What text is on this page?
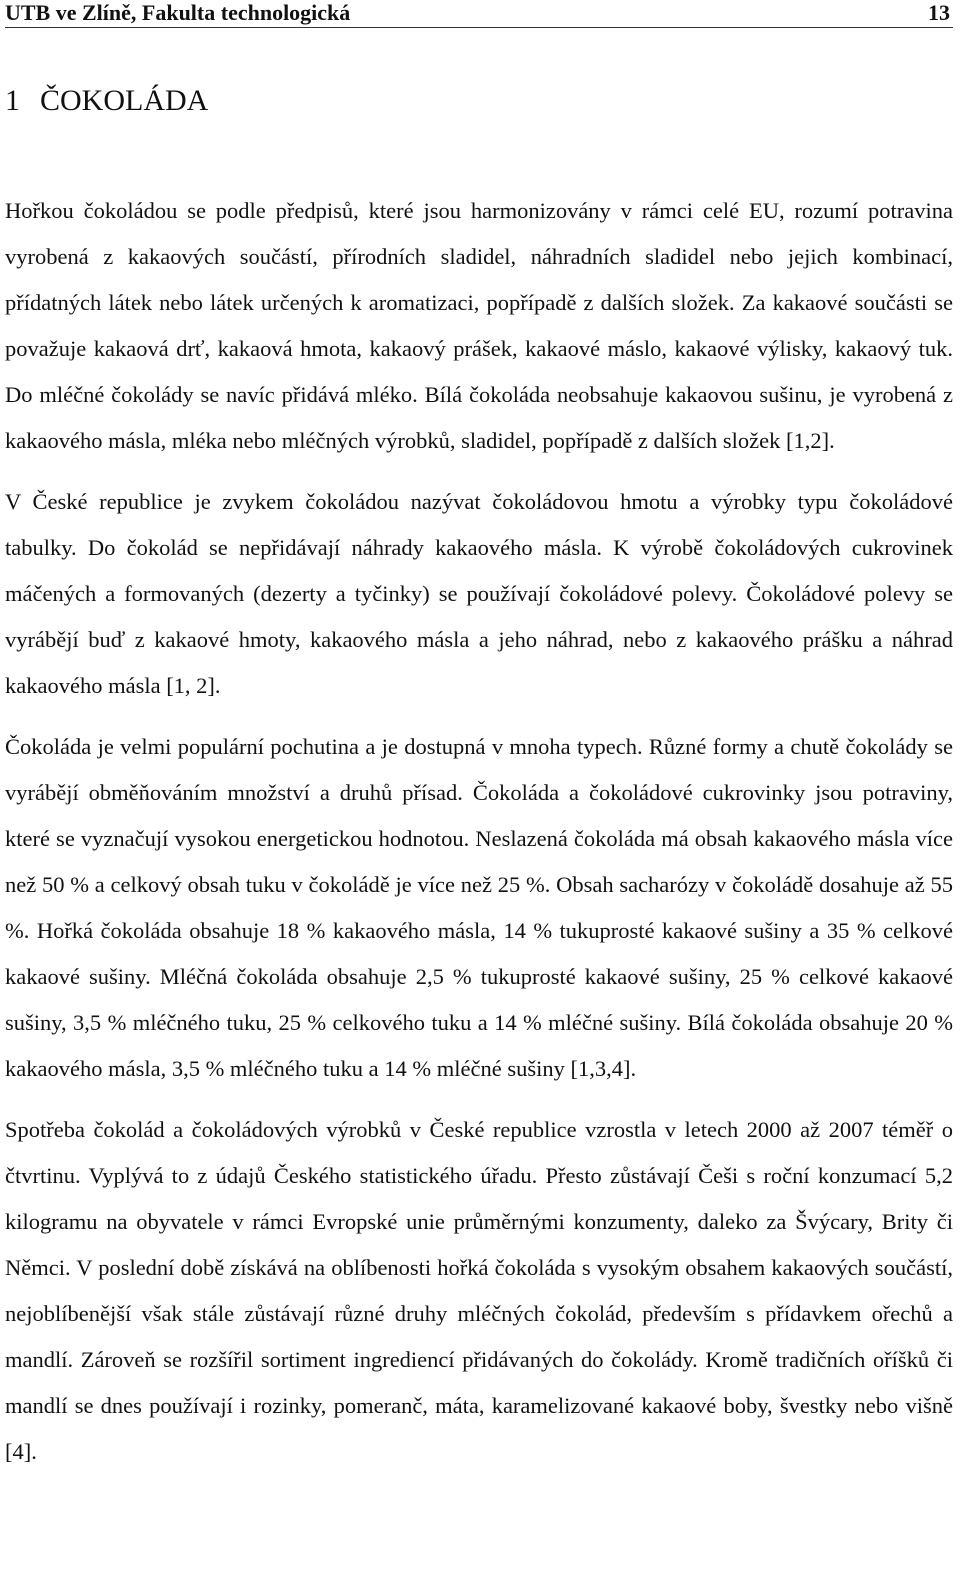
UTB ve Zlíně, Fakulta technologická	13
1 ČOKOLÁDA

Hořkou čokoládou se podle předpisů, které jsou harmonizovány v rámci celé EU, rozumí potravina vyrobená z kakaových součástí, přírodních sladidel, náhradních sladidel nebo jejich kombinací, přídatných látek nebo látek určených k aromatizaci, popřípadě z dalších složek. Za kakaové součásti se považuje kakaová drť, kakaová hmota, kakaový prášek, kakaové máslo, kakaové výlisky, kakaový tuk. Do mléčné čokolády se navíc přidává mléko. Bílá čokoláda neobsahuje kakaovou sušinu, je vyrobená z kakaového másla, mléka nebo mléčných výrobků, sladidel, popřípadě z dalších složek [1,2].

V České republice je zvykem čokoládou nazývat čokoládovou hmotu a výrobky typu čokoládové tabulky. Do čokolád se nepřidávají náhrady kakaového másla. K výrobě čokoládových cukrovinek máčených a formovaných (dezerty a tyčinky) se používají čokoládové polevy. Čokoládové polevy se vyrábějí buď z kakaové hmoty, kakaového másla a jeho náhrad, nebo z kakaového prášku a náhrad kakaového másla [1, 2].

Čokoláda je velmi populární pochutina a je dostupná v mnoha typech. Různé formy a chutě čokolády se vyrábějí obměňováním množství a druhů přísad. Čokoláda a čokoládové cukrovinky jsou potraviny, které se vyznačují vysokou energetickou hodnotou. Neslazená čokoláda má obsah kakaového másla více než 50 % a celkový obsah tuku v čokoládě je více než 25 %. Obsah sacharózy v čokoládě dosahuje až 55 %. Hořká čokoláda obsahuje 18 % kakaového másla, 14 % tukuprosté kakaové sušiny a 35 % celkové kakaové sušiny. Mléčná čokoláda obsahuje 2,5 % tukuprosté kakaové sušiny, 25 % celkové kakaové sušiny, 3,5 % mléčného tuku, 25 % celkového tuku a 14 % mléčné sušiny. Bílá čokoláda obsahuje 20 % kakaového másla, 3,5 % mléčného tuku a 14 % mléčné sušiny [1,3,4].

Spotřeba čokolád a čokoládových výrobků v České republice vzrostla v letech 2000 až 2007 téměř o čtvrtinu. Vyplývá to z údajů Českého statistického úřadu. Přesto zůstávají Češi s roční konzumací 5,2 kilogramu na obyvatele v rámci Evropské unie průměrnými konzumenty, daleko za Švýcary, Brity či Němci. V poslední době získává na oblíbenosti hořká čokoláda s vysokým obsahem kakaových součástí, nejoblíbenější však stále zůstávají různé druhy mléčných čokolád, především s přídavkem ořechů a mandlí. Zároveň se rozšířil sortiment ingrediencí přidávaných do čokolády. Kromě tradičních oříšků či mandlí se dnes používají i rozinky, pomeranč, máta, karamelizované kakaové boby, švestky nebo višně [4].
